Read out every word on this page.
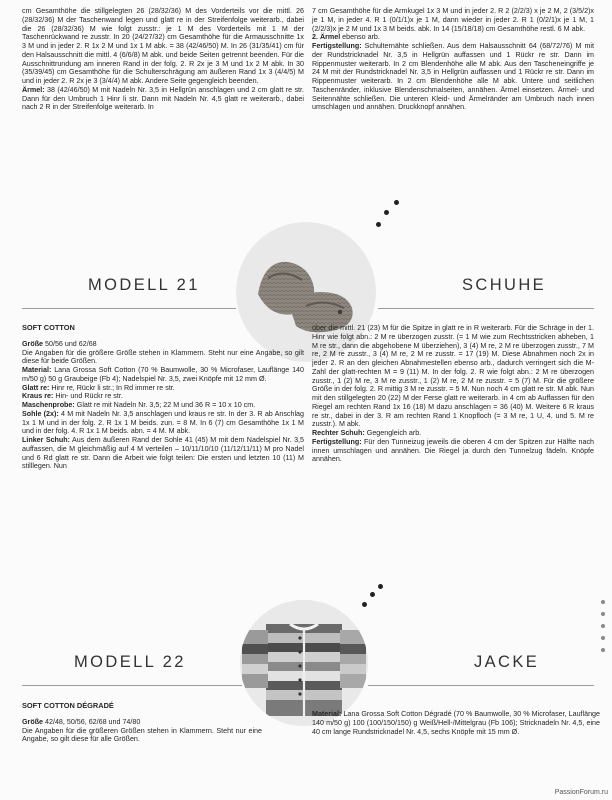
cm Gesamthöhe die stillgelegten 26 (28/32/36) M des Vorderteils vor die mittl. 26 (28/32/36) M der Taschenwand legen und glatt re in der Streifenfolge weiterarb., dabei die 26 (28/32/36) M wie folgt zusstr.: je 1 M des Vorderteils mit 1 M der Taschenrückwand re zusstr. In 20 (24/27/32) cm Gesamthöhe für die Armausschnitte 1x 3 M und in jeder 2. R 1x 2 M und 1x 1 M abk. = 38 (42/46/50) M. In 26 (31/35/41) cm für den Halsausschnitt die mittl. 4 (6/6/8) M abk. und beide Seiten getrennt beenden. Für die Ausschnittrundung am inneren Rand in der folg. 2. R 2x je 3 M und 1x 2 M abk. In 30 (35/39/45) cm Gesamthöhe für die Schulterschrägung am äußeren Rand 1x 3 (4/4/5) M und in jeder 2. R 2x je 3 (3/4/4) M abk. Andere Seite gegengleich beenden.

Ärmel: 38 (42/46/50) M mit Nadeln Nr. 3,5 in Hellgrün anschlagen und 2 cm glatt re str. Dann für den Umbruch 1 Hinr li str. Dann mit Nadeln Nr. 4,5 glatt re weiterarb., dabei nach 2 R in der Streifenfolge weiterarb. In

7 cm Gesamthöhe für die Armkugel 1x 3 M und in jeder 2. R 2 (2/2/3) x je 2 M, 2 (3/5/2)x je 1 M, in jeder 4. R 1 (0/1/1)x je 1 M, dann wieder in jeder 2. R 1 (0/2/1)x je 1 M, 1 (2/2/3)x je 2 M und 1x 3 M beids. abk. In 14 (15/18/18) cm Gesamthöhe restl. 6 M abk.

2. Ärmel ebenso arb.

Fertigstellung: Schulternähte schließen. Aus dem Halsausschnitt 64 (68/72/76) M mit der Rundstricknadel Nr. 3,5 in Hellgrün auffassen und 1 Rückr re str. Dann im Rippenmuster weiterarb. In 2 cm Blendenhöhe alle M abk. Aus den Tascheneingriffe je 24 M mit der Rundstricknadel Nr. 3,5 in Hellgrün auffassen und 1 Rückr re str. Dann im Rippenmuster weiterarb. In 2 cm Blendenhöhe alle M abk. Untere und seitlichen Taschenränder, inklusive Blendenschmalseiten, annähen. Ärmel einsetzen. Ärmel- und Seitennähte schließen. Die unteren Kleid- und Ärmelränder am Umbruch nach innen umschlagen und annähen. Druckknopf annähen.

MODELL 21	SCHUHE

SOFT COTTON

Größe 50/56 und 62/68

Die Angaben für die größere Größe stehen in Klammern. Steht nur eine Angabe, so gilt diese für beide Größen.

Material: Lana Grossa Soft Cotton (70 % Baumwolle, 30 % Microfaser, Lauflänge 140 m/50 g) 50 g Graubeige (Fb 4); Nadelspiel Nr. 3,5, zwei Knöpfe mit 12 mm Ø.

Glatt re: Hinr re, Rückr li str.; In Rd immer re str.

Kraus re: Hin- und Rückr re str.

Maschenprobe: Glatt re mit Nadeln Nr. 3,5; 22 M und 36 R = 10 x 10 cm.

Sohle (2x): 4 M mit Nadeln Nr. 3,5 anschlagen und kraus re str. In der 3. R ab Anschlag 1x 1 M und in der folg. 2. R 1x 1 M beids. zun. = 8 M. In 6 (7) cm Gesamthöhe 1x 1 M und in der folg. 4. R 1x 1 M beids. abn. = 4 M. M abk.

Linker Schuh: Aus dem äußeren Rand der Sohle 41 (45) M mit dem Nadelspiel Nr. 3,5 auffassen, die M gleichmäßig auf 4 M verteilen – 10/11/10/10 (11/12/11/11) M pro Nadel und 6 Rd glatt re str. Dann die Arbeit wie folgt teilen: Die ersten und letzten 10 (11) M stilllegen. Nun

über die mittl. 21 (23) M für die Spitze in glatt re in R weiterarb. Für die Schräge in der 1. Hinr wie folgt abn.: 2 M re überzogen zusstr. (= 1 M wie zum Rechtsstricken abheben, 1 M re str., dann die abgehobene M überziehen), 3 (4) M re, 2 M re überzogen zusstr., 7 M re, 2 M re zusstr., 3 (4) M re, 2 M re zusstr. = 17 (19) M. Diese Abnahmen noch 2x in jeder 2. R an den gleichen Abnahmestellen ebenso arb., dadurch verringert sich die M-Zahl der glatt-rechten M = 9 (11) M. In der folg. 2. R wie folgt abn.: 2 M re überzogen zusstr., 1 (2) M re, 3 M re zusstr., 1 (2) M re, 2 M re zusstr. = 5 (7) M. Für die größere Größe in der folg. 2. R mittig 3 M re zusstr. = 5 M. Nun noch 4 cm glatt re str. M abk. Nun mit den stillgelegten 20 (22) M der Ferse glatt re weiterarb. in 4 cm ab Auffassen für den Riegel am rechten Rand 1x 16 (18) M dazu anschlagen = 36 (40) M. Weitere 6 R kraus re str., dabei in der 3. R am rechten Rand 1 Knopfloch (= 3 M re, 1 U, 4. und 5. M re zusstr.). M abk.

Rechter Schuh: Gegengleich arb.

Fertigstellung: Für den Tunneizug jeweils die oberen 4 cm der Spitzen zur Hälfte nach innen umschlagen und annähen. Die Riegel ja durch den Tunnelzug fädeln. Knöpfe annähen.

MODELL 22	JACKE

SOFT COTTON DÉGRADÉ

Größe 42/48, 50/56, 62/68 und 74/80

Die Angaben für die größeren Größen stehen in Klammern. Steht nur eine Angabe, so gilt diese für alle Größen.

Material: Lana Grossa Soft Cotton Dégradé (70 % Baumwolle, 30 % Microfaser, Lauflänge 140 m/50 g) 100 (100/150/150) g Weiß/Hell-/Mittelgrau (Fb 106); Stricknadeln Nr. 4,5, eine 40 cm lange Rundstricknadel Nr. 4,5, sechs Knöpfe mit 15 mm Ø.

PassionForum.ru
